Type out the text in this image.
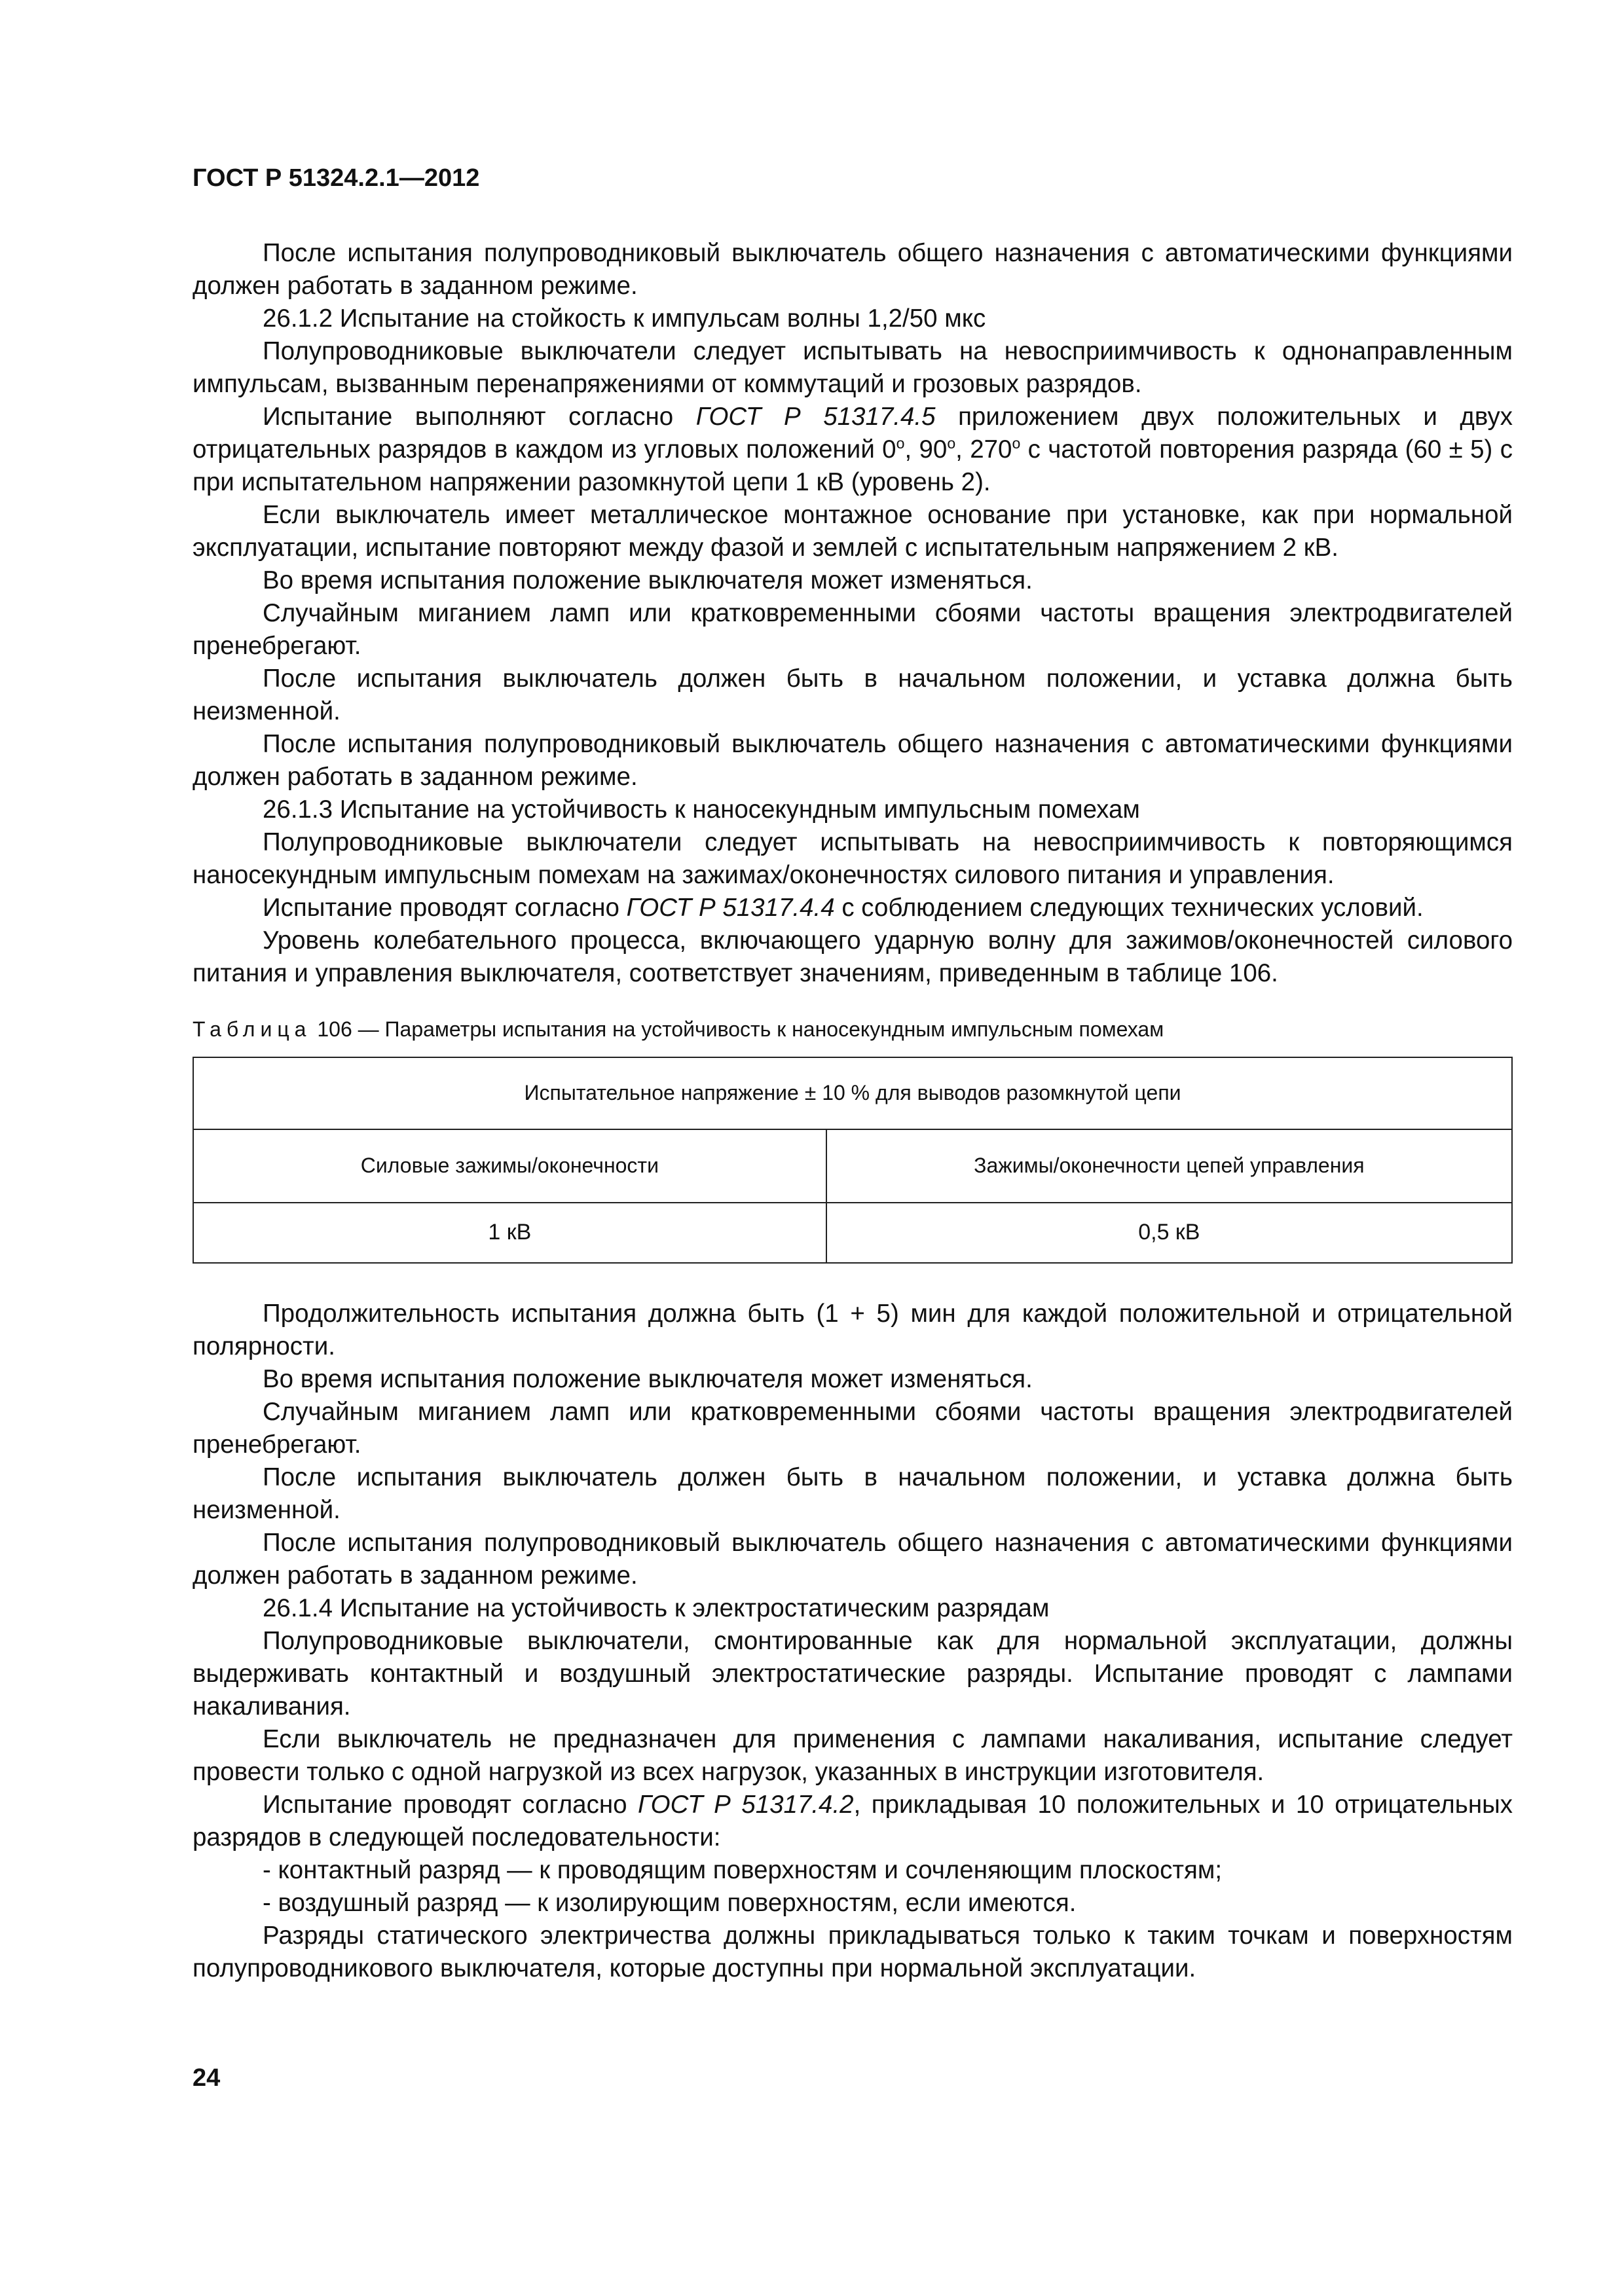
ГОСТ Р 51324.2.1—2012

После испытания полупроводниковый выключатель общего назначения с автоматическими функциями должен работать в заданном режиме.

26.1.2 Испытание на стойкость к импульсам волны 1,2/50 мкс

Полупроводниковые выключатели следует испытывать на невосприимчивость к однонаправленным импульсам, вызванным перенапряжениями от коммутаций и грозовых разрядов.

Испытание выполняют согласно ГОСТ Р 51317.4.5 приложением двух положительных и двух отрицательных разрядов в каждом из угловых положений $0^о$, $90^о$, $270^о$ с частотой повторения разряда (60 ± 5) с при испытательном напряжении разомкнутой цепи 1 кВ (уровень 2).

Если выключатель имеет металлическое монтажное основание при установке, как при нормальной эксплуатации, испытание повторяют между фазой и землей с испытательным напряжением 2 кВ.

Во время испытания положение выключателя может изменяться.

Случайным миганием ламп или кратковременными сбоями частоты вращения электродвигателей пренебрегают.

После испытания выключатель должен быть в начальном положении, и уставка должна быть неизменной.

После испытания полупроводниковый выключатель общего назначения с автоматическими функциями должен работать в заданном режиме.

26.1.3 Испытание на устойчивость к наносекундным импульсным помехам

Полупроводниковые выключатели следует испытывать на невосприимчивость к повторяющимся наносекундным импульсным помехам на зажимах/оконечностях силового питания и управления.

Испытание проводят согласно ГОСТ Р 51317.4.4 с соблюдением следующих технических условий.

Уровень колебательного процесса, включающего ударную волну для зажимов/оконечностей силового питания и управления выключателя, соответствует значениям, приведенным в таблице 106.

Таблица 106 — Параметры испытания на устойчивость к наносекундным импульсным помехам
Испытательное напряжение ± 10 % для выводов разомкнутой цепи	
Силовые зажимы/оконечности	Зажимы/оконечности цепей управления
1 кВ	0,5 кВ

Продолжительность испытания должна быть (1 + 5) мин для каждой положительной и отрицательной полярности.

Во время испытания положение выключателя может изменяться.

Случайным миганием ламп или кратковременными сбоями частоты вращения электродвигателей пренебрегают.

После испытания выключатель должен быть в начальном положении, и уставка должна быть неизменной.

После испытания полупроводниковый выключатель общего назначения с автоматическими функциями должен работать в заданном режиме.

26.1.4 Испытание на устойчивость к электростатическим разрядам

Полупроводниковые выключатели, смонтированные как для нормальной эксплуатации, должны выдерживать контактный и воздушный электростатические разряды. Испытание проводят с лампами накаливания.

Если выключатель не предназначен для применения с лампами накаливания, испытание следует провести только с одной нагрузкой из всех нагрузок, указанных в инструкции изготовителя.

Испытание проводят согласно ГОСТ Р 51317.4.2, прикладывая 10 положительных и 10 отрицательных разрядов в следующей последовательности:

- контактный разряд — к проводящим поверхностям и сочленяющим плоскостям;

- воздушный разряд — к изолирующим поверхностям, если имеются.

Разряды статического электричества должны прикладываться только к таким точкам и поверхностям полупроводникового выключателя, которые доступны при нормальной эксплуатации.

24
